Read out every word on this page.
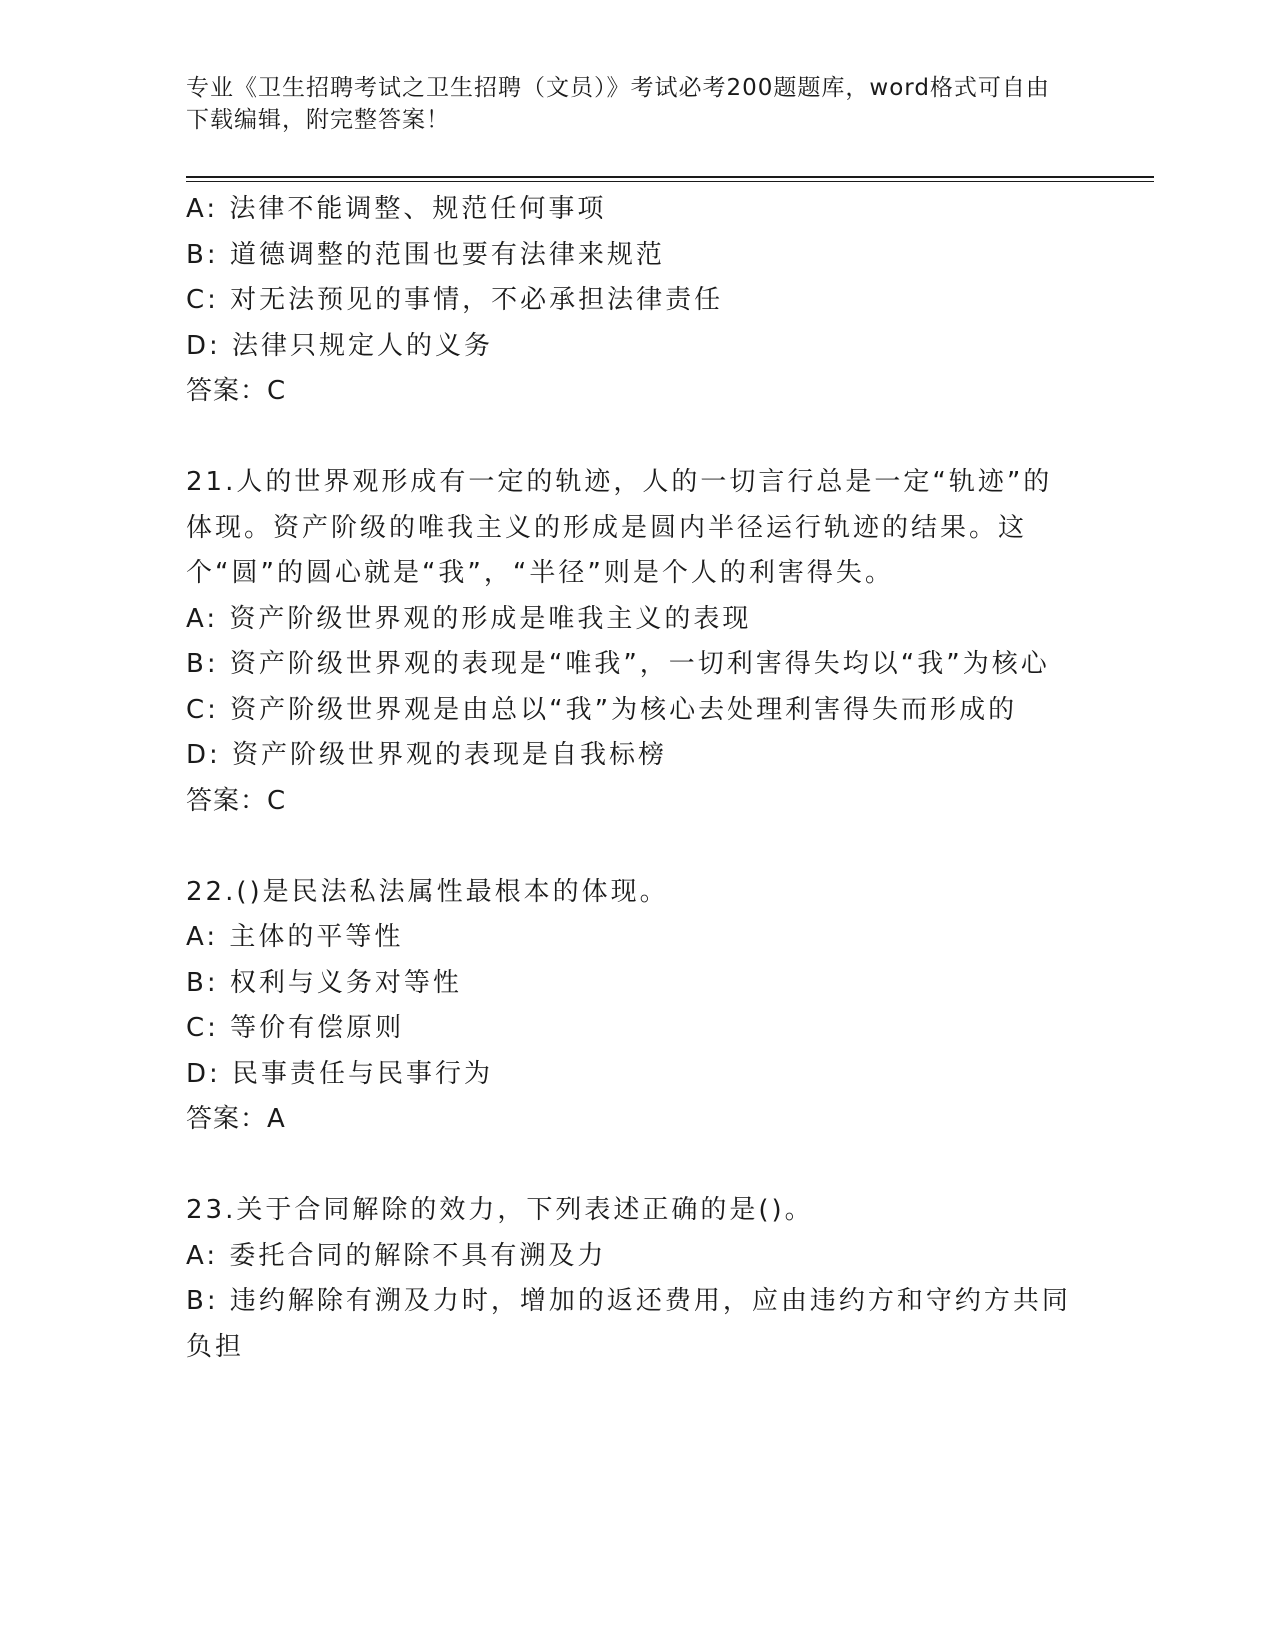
专业《卫生招聘考试之卫生招聘（文员）》考试必考200题题库，word格式可自由下载编辑，附完整答案！
A: 法律不能调整、规范任何事项
B: 道德调整的范围也要有法律来规范
C: 对无法预见的事情，不必承担法律责任
D: 法律只规定人的义务
答案：C
21.人的世界观形成有一定的轨迹，人的一切言行总是一定“轨迹”的体现。资产阶级的唯我主义的形成是圆内半径运行轨迹的结果。这个“圆”的圆心就是“我”，“半径”则是个人的利害得失。
A: 资产阶级世界观的形成是唯我主义的表现
B: 资产阶级世界观的表现是“唯我”，一切利害得失均以“我”为核心
C: 资产阶级世界观是由总以“我”为核心去处理利害得失而形成的
D: 资产阶级世界观的表现是自我标榜
答案：C
22.()是民法私法属性最根本的体现。
A: 主体的平等性
B: 权利与义务对等性
C: 等价有偿原则
D: 民事责任与民事行为
答案：A
23.关于合同解除的效力，下列表述正确的是()。
A: 委托合同的解除不具有溯及力
B: 违约解除有溯及力时，增加的返还费用，应由违约方和守约方共同负担
